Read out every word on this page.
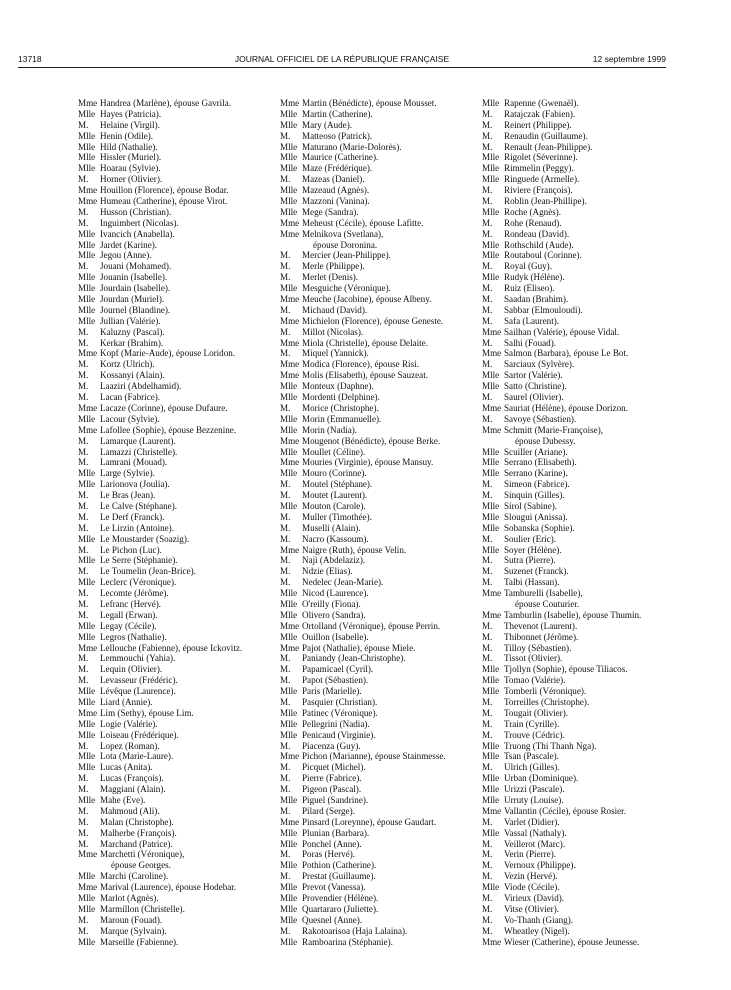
13718	JOURNAL OFFICIEL DE LA RÉPUBLIQUE FRANÇAISE	12 septembre 1999
Mme Handrea (Marlène), épouse Gavrila.
Mlle Hayes (Patricia).
M.	Helaine (Virgil).
Mlle Henin (Odile).
Mlle Hild (Nathalie).
Mlle Hissler (Muriel).
Mlle Hoarau (Sylvie).
M.	Horner (Olivier).
Mme Houillon (Florence), épouse Bodar.
Mme Humeau (Catherine), épouse Virot.
M.	Husson (Christian).
M.	Inguimbert (Nicolas).
Mlle Ivancich (Anabella).
Mlle Jardet (Karine).
Mlle Jegou (Anne).
M.	Jouani (Mohamed).
Mlle Jouanin (Isabelle).
Mlle Jourdain (Isabelle).
Mlle Jourdan (Muriel).
Mlle Journel (Blandine).
Mlle Jullian (Valérie).
M.	Kaluzny (Pascal).
M.	Kerkar (Brahim).
Mme Kopf (Marie-Aude), épouse Loridon.
M.	Kortz (Ulrich).
M.	Kossanyi (Alain).
M.	Laaziri (Abdelhamid).
M.	Lacan (Fabrice).
Mme Lacaze (Corinne), épouse Dufaure.
Mlle Lacour (Sylvie).
Mme Lafollee (Sophie), épouse Bezzenine.
M.	Lamarque (Laurent).
M.	Lamazzi (Christelle).
M.	Lamrani (Mouad).
Mlle Large (Sylvie).
Mlle Larionova (Joulia).
M.	Le Bras (Jean).
M.	Le Calve (Stéphane).
M.	Le Derf (Franck).
M.	Le Lirzin (Antoine).
Mlle Le Moustarder (Soazig).
M.	Le Pichon (Luc).
Mlle Le Serre (Stéphanie).
M.	Le Toumelin (Jean-Brice).
Mlle Leclerc (Véronique).
M.	Lecomte (Jérôme).
M.	Lefranc (Hervé).
M.	Legall (Erwan).
Mlle Legay (Cécile).
Mlle Legros (Nathalie).
Mme Lellouche (Fabienne), épouse Ickovitz.
M.	Lemmouchi (Yahia).
M.	Lequin (Olivier).
M.	Levasseur (Frédéric).
Mlle Lévêque (Laurence).
Mlle Liard (Annie).
Mme Lim (Sethy), épouse Lim.
Mlle Logie (Valérie).
Mlle Loiseau (Frédérique).
M.	Lopez (Roman).
Mlle Lota (Marie-Laure).
Mlle Lucas (Anita).
M.	Lucas (François).
M.	Maggiani (Alain).
Mlle Mahe (Eve).
M.	Mahmoud (Ali).
M.	Malan (Christophe).
M.	Malherbe (François).
M.	Marchand (Patrice).
Mme Marchetti (Véronique),
épouse Georges.
Mlle Marchi (Caroline).
Mme Marival (Laurence), épouse Hodebar.
Mlle Marlot (Agnès).
Mlle Marmillon (Christelle).
M.	Maroun (Fouad).
M.	Marque (Sylvain).
Mlle Marseille (Fabienne).
Mme Martin (Bénédicte), épouse Mousset.
Mlle Martin (Catherine).
Mlle Mary (Aude).
M.	Matteoso (Patrick).
Mlle Maturano (Marie-Dolorès).
Mlle Maurice (Catherine).
Mlle Maze (Frédérique).
M.	Mazeas (Daniel).
Mlle Mazeaud (Agnès).
Mlle Mazzoni (Vanina).
Mlle Mege (Sandra).
Mme Meheust (Cécile), épouse Lafitte.
Mme Melnikova (Svetlana),
épouse Doronina.
M.	Mercier (Jean-Philippe).
M.	Merle (Philippe).
M.	Merlet (Denis).
Mlle Mesguiche (Véronique).
Mme Meuche (Jacobine), épouse Albeny.
M.	Michaud (David).
Mme Michielon (Florence), épouse Geneste.
M.	Millot (Nicolas).
Mme Miola (Christelle), épouse Delaite.
M.	Miquel (Yannick).
Mme Modica (Florence), épouse Risi.
Mme Molis (Elisabeth), épouse Sauzeat.
Mlle Monteux (Daphne).
Mlle Mordenti (Delphine).
M.	Morice (Christophe).
Mlle Morin (Emmanuelle).
Mlle Morin (Nadia).
Mme Mougenot (Bénédicte), épouse Berke.
Mlle Moullet (Céline).
Mme Mouries (Virginie), épouse Mansuy.
Mlle Mouro (Corinne).
M.	Moutel (Stéphane).
M.	Moutet (Laurent).
Mlle Mouton (Carole).
M.	Muller (Timothée).
M.	Muselli (Alain).
M.	Nacro (Kassoum).
Mme Naigre (Ruth), épouse Velin.
M.	Naji (Abdelaziz).
M.	Ndzie (Elias).
M.	Nedelec (Jean-Marie).
Mlle Nicod (Laurence).
Mlle O'reilly (Fiona).
Mlle Olivero (Sandra).
Mme Ortolland (Véronique), épouse Perrin.
Mlle Ouillon (Isabelle).
Mme Pajot (Nathalie), épouse Miele.
M.	Paniandy (Jean-Christophe).
M.	Papamicael (Cyril).
M.	Papot (Sébastien).
Mlle Paris (Marielle).
M.	Pasquier (Christian).
Mlle Patinec (Véronique).
Mlle Pellegrini (Nadia).
Mlle Penicaud (Virginie).
M.	Piacenza (Guy).
Mme Pichon (Marianne), épouse Stainmesse.
M.	Picquet (Michel).
M.	Pierre (Fabrice).
M.	Pigeon (Pascal).
Mlle Piguel (Sandrine).
M.	Pilard (Serge).
Mme Pinsard (Loreynne), épouse Gaudart.
Mlle Plunian (Barbara).
Mlle Ponchel (Anne).
M.	Poras (Hervé).
Mlle Pothion (Catherine).
M.	Prestat (Guillaume).
Mlle Prevot (Vanessa).
Mlle Provendier (Hélène).
Mlle Quartararo (Juliette).
Mlle Quesnel (Anne).
M.	Rakotoarisoa (Haja Lalaina).
Mlle Ramboarina (Stéphanie).
Mlle Rapenne (Gwenaël).
M.	Ratajczak (Fabien).
M.	Reinert (Philippe).
M.	Renaudin (Guillaume).
M.	Renault (Jean-Philippe).
Mlle Rigolet (Séverinne).
Mlle Rimmelin (Peggy).
Mlle Ringuede (Armelle).
M.	Riviere (François).
M.	Roblin (Jean-Phillipe).
Mlle Roche (Agnès).
M.	Rohe (Renaud).
M.	Rondeau (David).
Mlle Rothschild (Aude).
Mlle Routaboul (Corinne).
M.	Royal (Guy).
Mlle Rudyk (Hélène).
M.	Ruiz (Eliseo).
M.	Saadan (Brahim).
M.	Sabbar (Elmouloudi).
M.	Safa (Laurent).
Mme Sailhan (Valérie), épouse Vidal.
M.	Salhi (Fouad).
Mme Salmon (Barbara), épouse Le Bot.
M.	Sarciaux (Sylvère).
Mlle Sartor (Valérie).
Mlle Satto (Christine).
M.	Saurel (Olivier).
Mme Sauriat (Hélène), épouse Dorizon.
M.	Savoye (Sébastien).
Mme Schmitt (Marie-Françoise),
épouse Dubessy.
Mlle Scuiller (Ariane).
Mlle Serrano (Elisabeth).
Mlle Serrano (Karine).
M.	Simeon (Fabrice).
M.	Sinquin (Gilles).
Mlle Sirol (Sabine).
Mlle Slougui (Anissa).
Mlle Sobanska (Sophie).
M.	Soulier (Eric).
Mlle Soyer (Hélène).
M.	Sutra (Pierre).
M.	Suzenet (Franck).
M.	Talbi (Hassan).
Mme Tamburelli (Isabelle),
épouse Couturier.
Mme Tamburlin (Isabelle), épouse Thumin.
M.	Thevenot (Laurent).
M.	Thibonnet (Jérôme).
M.	Tilloy (Sébastien).
M.	Tissot (Olivier).
Mlle Tjollyn (Sophie), épouse Tiliacos.
Mlle Tomao (Valérie).
Mlle Tomberli (Véronique).
M.	Torreilles (Christophe).
M.	Tougait (Olivier).
M.	Train (Cyrille).
M.	Trouve (Cédric).
Mlle Truong (Thi Thanh Nga).
Mlle Tsan (Pascale).
M.	Ulrich (Gilles).
Mlle Urban (Dominique).
Mlle Urizzi (Pascale).
Mlle Urruty (Louise).
Mme Vallantin (Cécile), épouse Rosier.
M.	Varlet (Didier).
Mlle Vassal (Nathaly).
M.	Veillerot (Marc).
M.	Verin (Pierre).
M.	Vernoux (Philippe).
M.	Vezin (Hervé).
Mlle Viode (Cécile).
M.	Virieux (David).
M.	Vitse (Olivier).
M.	Vo-Thanh (Giang).
M.	Wheatley (Nigel).
Mme Wieser (Catherine), épouse Jeunesse.
